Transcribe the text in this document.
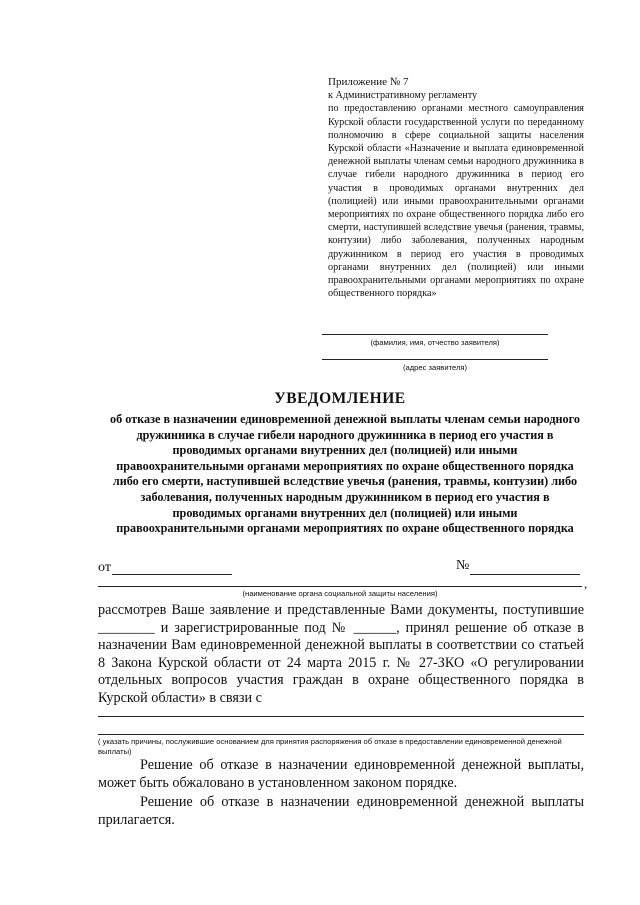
Приложение № 7
к Административному регламенту
по предоставлению органами местного самоуправления Курской области государственной услуги по переданному полномочию в сфере социальной защиты населения Курской области «Назначение и выплата единовременной денежной выплаты членам семьи народного дружинника в случае гибели народного дружинника в период его участия в проводимых органами внутренних дел (полицией) или иными правоохранительными органами мероприятиях по охране общественного порядка либо его смерти, наступившей вследствие увечья (ранения, травмы, контузии) либо заболевания, полученных народным дружинником в период его участия в проводимых органами внутренних дел (полицией) или иными правоохранительными органами мероприятиях по охране общественного порядка»
(фамилия, имя, отчество заявителя)
(адрес заявителя)
УВЕДОМЛЕНИЕ
об отказе в назначении единовременной денежной выплаты членам семьи народного дружинника в случае гибели народного дружинника в период его участия в проводимых органами внутренних дел (полицией) или иными правоохранительными органами мероприятиях по охране общественного порядка либо его смерти, наступившей вследствие увечья (ранения, травмы, контузии) либо заболевания, полученных народным дружинником в период его участия в проводимых органами внутренних дел (полицией) или иными правоохранительными органами мероприятиях по охране общественного порядка
от	№
,
(наименование органа социальной защиты населения)
рассмотрев Ваше заявление и представленные Вами документы, поступившие ________ и зарегистрированные под № ______, принял решение об отказе в назначении Вам единовременной денежной выплаты в соответствии со статьей 8 Закона Курской области от 24 марта 2015 г. № 27-ЗКО «О регулировании отдельных вопросов участия граждан в охране общественного порядка в Курской области» в связи с
( указать причины, послужившие основанием для принятия распоряжения об отказе в предоставлении единовременной денежной выплаты)
Решение об отказе в назначении единовременной денежной выплаты, может быть обжаловано в установленном законом порядке.
Решение об отказе в назначении единовременной денежной выплаты прилагается.
